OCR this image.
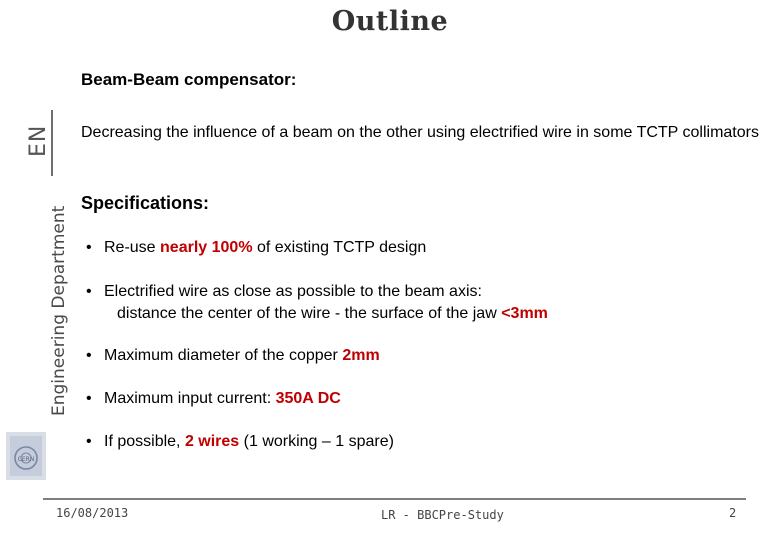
Outline
Engineering Department
EN
CERN
Beam-Beam compensator:
Decreasing the influence of a beam on the other using electrified wire in some TCTP collimators
Specifications:
• Re-use nearly 100% of existing TCTP design
• Electrified wire as close as possible to the beam axis:
distance the center of the wire - the surface of the jaw <3mm
• Maximum diameter of the copper 2mm
• Maximum input current: 350A DC
• If possible, 2 wires (1 working – 1 spare)
16/08/2013	LR - BBCPre-Study	2
